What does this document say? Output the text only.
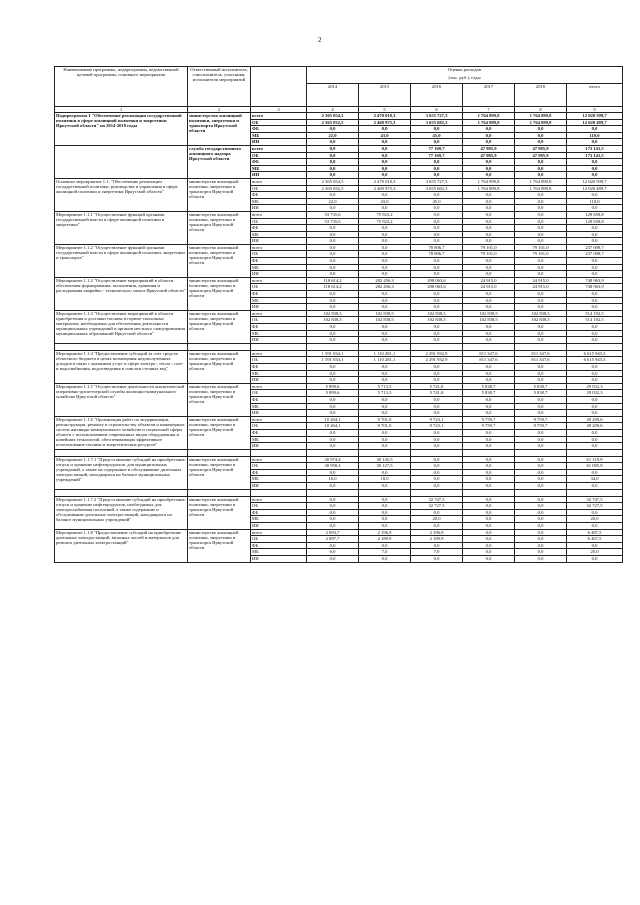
2
Наименование программы, подпрограммы, ведомственной целевой программы, основного мероприятия	Ответственный исполнитель, соисполнитель, участники, исполнители мероприятий		Оценка расходов					
			(тыс. руб.), годы					
			2014	2015	2016	2017	2018	итого
1	2	3	4	5	6	7	8	9
Подпрограмма 1 "Обеспечение реализации государственной политики в сфере жилищной политики и энергетики Иркутской области" на 2014-2018 годы	министерство жилищной политики, энергетики и транспорта Иркутской области	всего	2 365 054,5	2 470 018,3	3 655 727,3	1 764 899,8	1 764 899,8	12 020 599,7
		ОБ	2 365 032,5	2 469 975,3	3 655 682,3	1 764 899,8	1 764 899,8	12 020 489,7
		ФБ	0,0	0,0	0,0	0,0	0,0	0,0
		МБ	22,0	43,0	45,0	0,0	0,0	110,0
		ИИ	0,0	0,0	0,0	0,0	0,0	0,0
	служба государственного жилищного надзора Иркутской области	всего	0,0	0,0	77 169,7	47 985,9	47 985,9	173 141,5
		ОБ	0,0	0,0	77 169,7	47 985,9	47 985,9	173 141,5
		ФБ	0,0	0,0	0,0	0,0	0,0	0,0
		МБ	0,0	0,0	0,0	0,0	0,0	0,0
		ИИ	0,0	0,0	0,0	0,0	0,0	0,0
Основное мероприятие 1.1. "Обеспечение реализации государственной политики, руководства и управления в сфере жилищной политики и энергетики Иркутской области"	министерство жилищной политики, энергетики и транспорта Иркутской области	всего	2 365 054,5	2 470 018,3	3 655 727,3	1 764 899,8	1 764 899,8	12 020 599,7
		ОБ	2 365 032,5	2 469 975,3	3 655 682,3	1 764 899,8	1 764 899,8	12 020 489,7
		ФБ	0,0	0,0	0,0	0,0	0,0	0,0
		МБ	22,0	43,0	45,0	0,0	0,0	110,0
		ИИ	0,0	0,0	0,0	0,0	0,0	0,0
Мероприятие 1.1.1 "Осуществление функций органами государственной власти в сфере жилищной политики и энергетики"	министерство жилищной политики, энергетики и транспорта Иркутской области	всего	53 735,6	75 923,2	0,0	0,0	0,0	129 658,8
		ОБ	53 735,6	75 923,2	0,0	0,0	0,0	129 658,8
		ФБ	0,0	0,0	0,0	0,0	0,0	0,0
		МБ	0,0	0,0	0,0	0,0	0,0	0,0
		ИИ	0,0	0,0	0,0	0,0	0,0	0,0
Мероприятие 1.1.2 "Осуществление функций органами государственной власти в сфере жилищной политики, энергетики и транспорта"	министерство жилищной политики, энергетики и транспорта Иркутской области	всего	0,0	0,0	78 806,7	79 101,0	79 101,0	237 008,7
		ОБ	0,0	0,0	78 806,7	79 101,0	79 101,0	237 008,7
		ФБ	0,0	0,0	0,0	0,0	0,0	0,0
		МБ	0,0	0,0	0,0	0,0	0,0	0,0
		ИИ	0,0	0,0	0,0	0,0	0,0	0,0
Мероприятие 1.1.2 "Осуществление мероприятий в области обеспечения формирования, пополнения, хранения и расходования аварийно - технического запаса Иркутской области"	министерство жилищной политики, энергетики и транспорта Иркутской области	всего	118 614,2	282 456,3	298 063,6	24 915,0	24 915,0	748 963,9
		ОБ	118 614,2	282 456,3	298 063,6	24 915,0	24 915,0	748 963,9
		ФБ	0,0	0,0	0,0	0,0	0,0	0,0
		МБ	0,0	0,0	0,0	0,0	0,0	0,0
		ИИ	0,0	0,0	0,0	0,0	0,0	0,0
Мероприятие 1.1.3 "Осуществление мероприятий в области приобретения и доставки топлива и горюче-смазочных материалов, необходимых для обеспечения деятельности муниципальных учреждений и органов местного самоуправления муниципальных образований Иркутской области"	министерство жилищной политики, энергетики и транспорта Иркутской области	всего	102 838,5	102 838,5	102 838,5	102 838,5	102 838,5	514 192,5
		ОБ	102 838,5	102 838,5	102 838,5	102 838,5	102 838,5	514 192,5
		ФБ	0,0	0,0	0,0	0,0	0,0	0,0
		МБ	0,0	0,0	0,0	0,0	0,0	0,0
		ИИ	0,0	0,0	0,0	0,0	0,0	0,0

Мероприятие 1.1.4 "Предоставление субсидий за счет средств областного бюджета в целях возмещения недополученных доходов в связи с оказанием услуг в сфере электро-, тепло-, газо- и водоснабжения, водоотведения и очистки сточных вод"	министерство жилищной политики, энергетики и транспорта Иркутской области	всего	1 591 034,1	1 110 281,1	2 291 932,9	811 347,6	811 347,6	6 615 943,3
		ОБ	1 591 034,1	1 110 281,1	2 291 932,9	811 347,6	811 347,6	6 615 943,3
		ФБ	0,0	0,0	0,0	0,0	0,0	0,0
		МБ	0,0	0,0	0,0	0,0	0,0	0,0
		ИИ	0,0	0,0	0,0	0,0	0,0	0,0
Мероприятие 1.1.5 "Осуществление деятельности аналитической оперативно-диспетчерской службы жилищно-коммунального хозяйства Иркутской области"	министерство жилищной политики, энергетики и транспорта Иркутской области	всего	5 899,6	5 713,5	5 741,8	5 838,7	5 838,7	29 032,3
		ОБ	5 899,6	5 713,5	5 741,8	5 838,7	5 838,7	29 032,3
		ФБ	0,0	0,0	0,0	0,0	0,0	0,0
		МБ	0,0	0,0	0,0	0,0	0,0	0,0
		ИИ	0,0	0,0	0,0	0,0	0,0	0,0
Мероприятие 1.1.6 "Организация работ по модернизации, реконструкции, ремонту и строительству объектов и инженерных систем жилищно-коммунального хозяйства и социальной сферы области с использованием современных видов оборудования и новейших технологий, обеспечивающих эффективное использование топлива и энергетических ресурсов"	министерство жилищной политики, энергетики и транспорта Иркутской области	всего	10 264,1	9 701,0	9 723,1	9 759,7	9 759,7	49 209,6
		ОБ	10 264,1	9 701,0	9 723,1	9 759,7	9 759,7	49 209,6
		ФБ	0,0	0,0	0,0	0,0	0,0	0,0
		МБ	0,0	0,0	0,0	0,0	0,0	0,0
		ИИ	0,0	0,0	0,0	0,0	0,0	0,0

Мероприятие 1.1.7.1 "Предоставление субсидий на приобретение, отпуск и хранение нефтепродуктов, для муниципальных учреждений, а также на содержание и обслуживание дизельных электростанций, находящихся на балансе муниципальных учреждений"	министерство жилищной политики, энергетики и транспорта Иркутской области	всего	30 974,4	30 145,5	0,0	0,0	0,0	61 119,9
		ОБ	30 958,4	30 127,5	0,0	0,0	0,0	61 085,9
		ФБ	0,0	0,0	0,0	0,0	0,0	0,0
		МБ	16,0	18,0	0,0	0,0	0,0	34,0
		ИИ	0,0	0,0	0,0	0,0	0,0	0,0

Мероприятие 1.1.7.2 "Предоставление субсидий на приобретение, отпуск и хранение нефтепродуктов, необходимых для электроснабжения поселений, а также содержание и обслуживание дизельных электростанций, находящихся на балансе муниципальных учреждений"	министерство жилищной политики, энергетики и транспорта Иркутской области	всего	0,0	0,0	32 747,5	0,0	0,0	32 747,5
		ОБ	0,0	0,0	32 727,5	0,0	0,0	32 727,5
		ФБ	0,0	0,0	0,0	0,0	0,0	0,0
		МБ	0,0	0,0	20,0	0,0	0,0	20,0
		ИИ	0,0	0,0	0,0	0,0	0,0	0,0
Мероприятие 1.1.8 "Предоставление субсидий на приобретение дизельных электростанций, запасных частей и материалов для ремонта дизельных электростанций"	министерство жилищной политики, энергетики и транспорта Иркутской области	всего	2 093,7	2 196,9	2 196,9	0,0	0,0	6 487,5
		ОБ	2 087,7	2 189,9	2 189,9	0,0	0,0	6 467,5
		ФБ	0,0	0,0	0,0	0,0	0,0	0,0
		МБ	6,0	7,0	7,0	0,0	0,0	20,0
		ИИ	0,0	0,0	0,0	0,0	0,0	0,0
